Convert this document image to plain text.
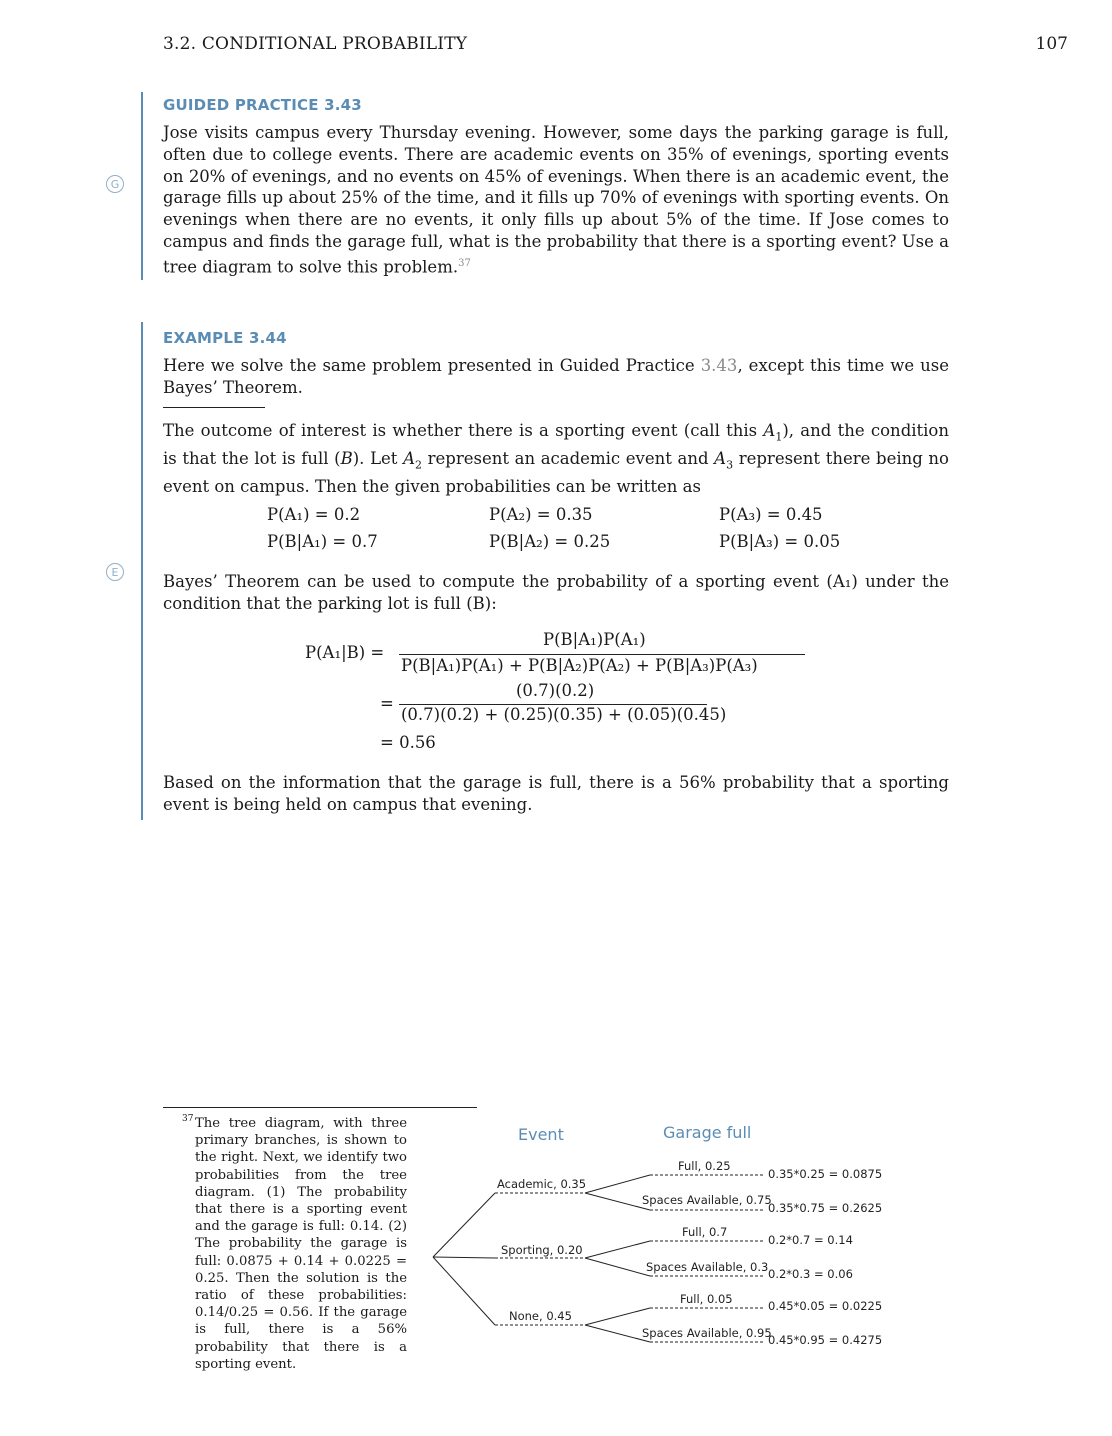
3.2. CONDITIONAL PROBABILITY	107
G
GUIDED PRACTICE 3.43
Jose visits campus every Thursday evening. However, some days the parking garage is full, often due to college events. There are academic events on 35% of evenings, sporting events on 20% of evenings, and no events on 45% of evenings. When there is an academic event, the garage fills up about 25% of the time, and it fills up 70% of evenings with sporting events. On evenings when there are no events, it only fills up about 5% of the time. If Jose comes to campus and finds the garage full, what is the probability that there is a sporting event? Use a tree diagram to solve this problem.$^{37}$
E
EXAMPLE 3.44
Here we solve the same problem presented in Guided Practice 3.43, except this time we use Bayes’ Theorem.
The outcome of interest is whether there is a sporting event (call this $A_1$), and the condition is that the lot is full (B). Let $A_2$ represent an academic event and $A_3$ represent there being no event on campus. Then the given probabilities can be written as
P(A₁) = 0.2
P(B|A₁) = 0.7
P(A₂) = 0.35
P(B|A₂) = 0.25
P(A₃) = 0.45
P(B|A₃) = 0.05
Bayes’ Theorem can be used to compute the probability of a sporting event (A₁) under the condition that the parking lot is full (B):
P(A₁|B) =
P(B|A₁)P(A₁)
P(B|A₁)P(A₁) + P(B|A₂)P(A₂) + P(B|A₃)P(A₃)
=
(0.7)(0.2)
(0.7)(0.2) + (0.25)(0.35) + (0.05)(0.45)
= 0.56
Based on the information that the garage is full, there is a 56% probability that a sporting event is being held on campus that evening.
37 The tree diagram, with three primary branches, is shown to the right. Next, we identify two probabilities from the tree diagram. (1) The probability that there is a sporting event and the garage is full: 0.14. (2) The probability the garage is full: 0.0875 + 0.14 + 0.0225 = 0.25. Then the solution is the ratio of these probabilities: 0.14/0.25 = 0.56. If the garage is full, there is a 56% probability that there is a sporting event.
Event	Garage full
Academic, 0.35
Sporting, 0.20
None, 0.45
Full, 0.25
Spaces Available, 0.75
Full, 0.7
Spaces Available, 0.3
Full, 0.05
Spaces Available, 0.95
0.35*0.25 = 0.0875
0.35*0.75 = 0.2625
0.2*0.7 = 0.14
0.2*0.3 = 0.06
0.45*0.05 = 0.0225
0.45*0.95 = 0.4275
